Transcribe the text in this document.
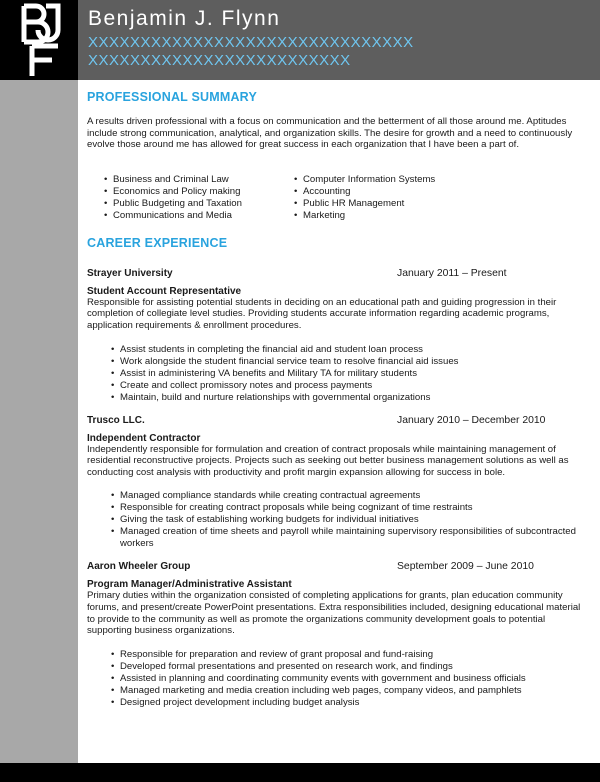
Benjamin J. Flynn
XXXXXXXXXXXXXXXXXXXXXXXXXXXXXXX
XXXXXXXXXXXXXXXXXXXXXXXXX
PROFESSIONAL SUMMARY

A results driven professional with a focus on communication and the betterment of all those around me. Aptitudes include strong communication, analytical, and organization skills. The desire for growth and a need to continuously evolve those around me has allowed for great success in each organization that I have been a part of.

• Business and Criminal Law
• Economics and Policy making
• Public Budgeting and Taxation
• Communications and Media
• Computer Information Systems
• Accounting
• Public HR Management
• Marketing
CAREER EXPERIENCE
Strayer University	January 2011 – Present
Student Account Representative

Responsible for assisting potential students in deciding on an educational path and guiding progression in their completion of collegiate level studies. Providing students accurate information regarding academic programs, application requirements & enrollment procedures.

• Assist students in completing the financial aid and student loan process
• Work alongside the student financial service team to resolve financial aid issues
• Assist in administering VA benefits and Military TA for military students
• Create and collect promissory notes and process payments
• Maintain, build and nurture relationships with governmental organizations
Trusco LLC.	January 2010 – December 2010
Independent Contractor

Independently responsible for formulation and creation of contract proposals while maintaining management of residential reconstructive projects. Projects such as seeking out better business management solutions as well as conducting cost analysis with productivity and profit margin expansion allowing for success in bole.

• Managed compliance standards while creating contractual agreements
• Responsible for creating contract proposals while being cognizant of time restraints
• Giving the task of establishing working budgets for individual initiatives
• Managed creation of time sheets and payroll while maintaining supervisory responsibilities of subcontracted workers
Aaron Wheeler Group	September 2009 – June 2010
Program Manager/Administrative Assistant

Primary duties within the organization consisted of completing applications for grants, plan education community forums, and present/create PowerPoint presentations. Extra responsibilities included, designing educational material to provide to the community as well as promote the organizations community development goals to potential supporting business organizations.

• Responsible for preparation and review of grant proposal and fund-raising
• Developed formal presentations and presented on research work, and findings
• Assisted in planning and coordinating community events with government and business officials
• Managed marketing and media creation including web pages, company videos, and pamphlets
• Designed project development including budget analysis
